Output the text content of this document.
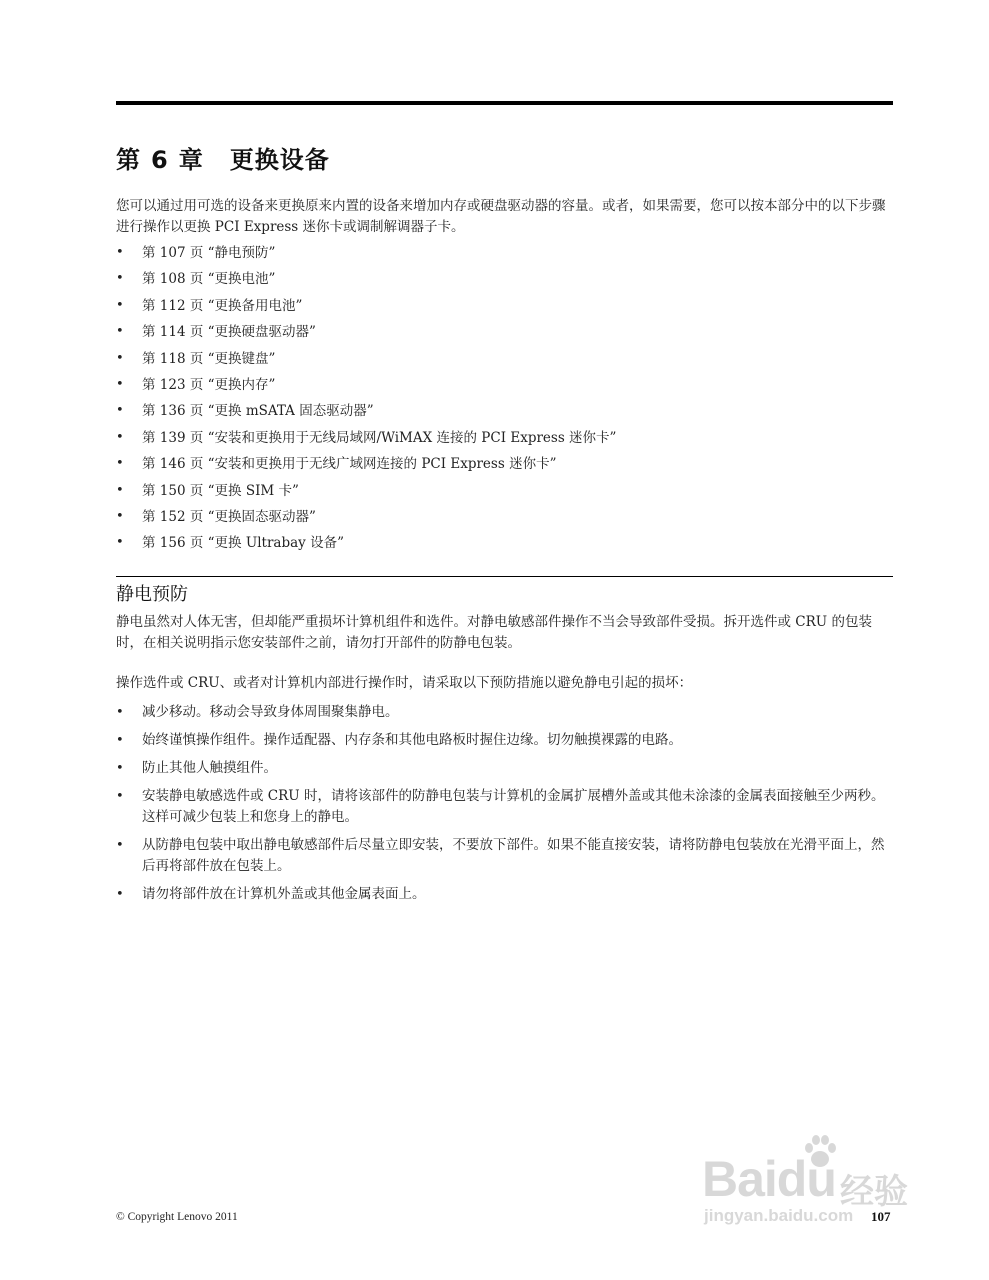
第 6 章 更换设备

您可以通过用可选的设备来更换原来内置的设备来增加内存或硬盘驱动器的容量。或者，如果需要，您可以按本部分中的以下步骤进行操作以更换 PCI Express 迷你卡或调制解调器子卡。

• 第 107 页 “静电预防”
• 第 108 页 “更换电池”
• 第 112 页 “更换备用电池”
• 第 114 页 “更换硬盘驱动器”
• 第 118 页 “更换键盘”
• 第 123 页 “更换内存”
• 第 136 页 “更换 mSATA 固态驱动器”
• 第 139 页 “安装和更换用于无线局域网/WiMAX 连接的 PCI Express 迷你卡”
• 第 146 页 “安装和更换用于无线广域网连接的 PCI Express 迷你卡”
• 第 150 页 “更换 SIM 卡”
• 第 152 页 “更换固态驱动器”
• 第 156 页 “更换 Ultrabay 设备”
静电预防

静电虽然对人体无害，但却能严重损坏计算机组件和选件。对静电敏感部件操作不当会导致部件受损。拆开选件或 CRU 的包装时，在相关说明指示您安装部件之前，请勿打开部件的防静电包装。

操作选件或 CRU、或者对计算机内部进行操作时，请采取以下预防措施以避免静电引起的损坏：

• 减少移动。移动会导致身体周围聚集静电。
• 始终谨慎操作组件。操作适配器、内存条和其他电路板时握住边缘。切勿触摸裸露的电路。
• 防止其他人触摸组件。
• 安装静电敏感选件或 CRU 时，请将该部件的防静电包装与计算机的金属扩展槽外盖或其他未涂漆的金属表面接触至少两秒。这样可减少包装上和您身上的静电。
• 从防静电包装中取出静电敏感部件后尽量立即安装，不要放下部件。如果不能直接安装，请将防静电包装放在光滑平面上，然后再将部件放在包装上。
• 请勿将部件放在计算机外盖或其他金属表面上。
Baidu 经验
jingyan.baidu.com
© Copyright Lenovo 2011	107
